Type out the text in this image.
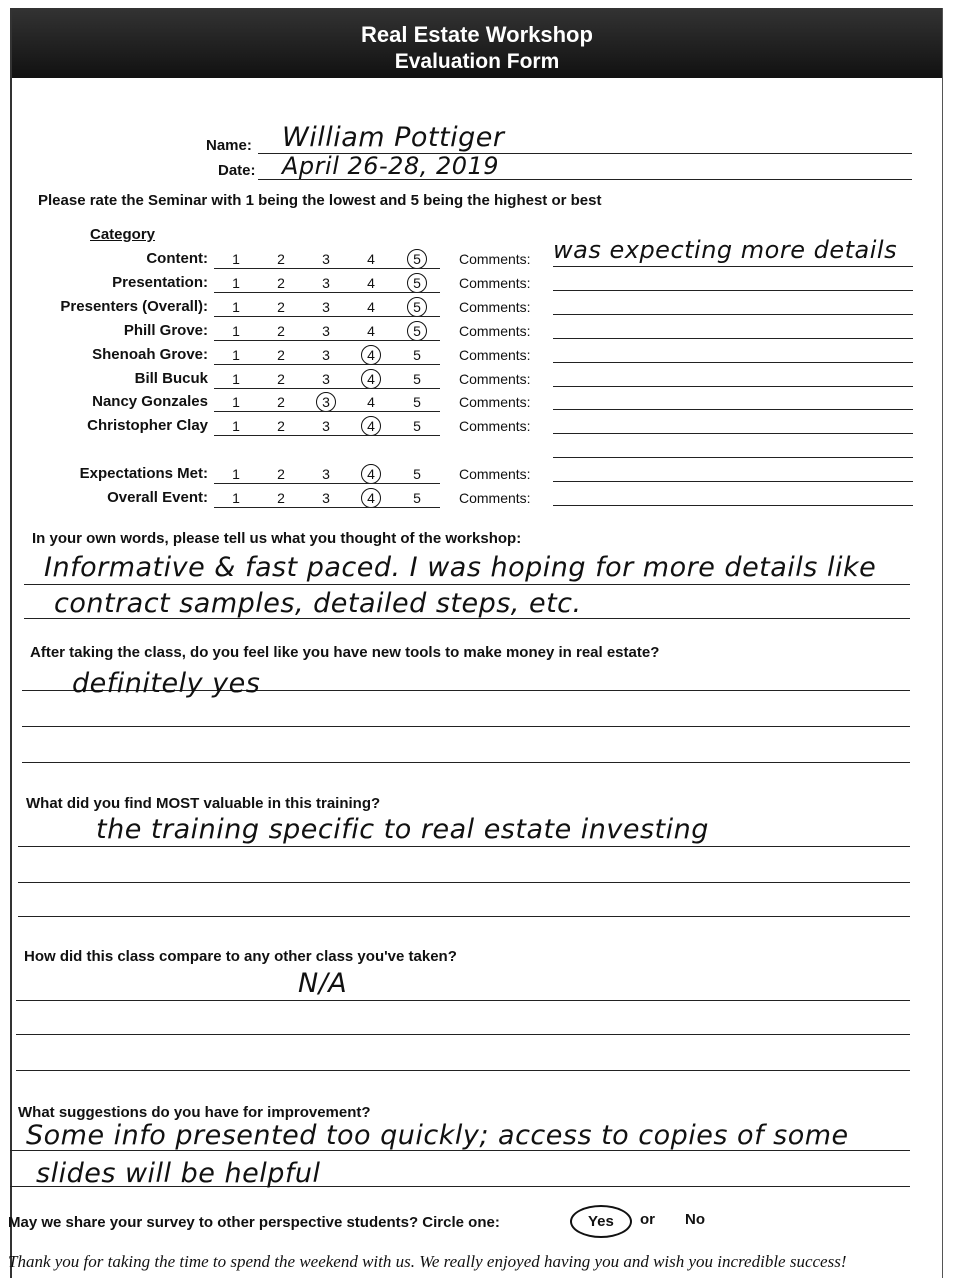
Real Estate Workshop
Evaluation Form
Name: William Pottiger
Date: April 26-28, 2019
Please rate the Seminar with 1 being the lowest and 5 being the highest or best
Category
Content: 1	2	3	4	5	Comments: was expecting more details
Presentation: 1	2	3	4	5	Comments:
Presenters (Overall): 1	2	3	4	5	Comments:
Phill Grove: 1	2	3	4	5	Comments:
Shenoah Grove: 1	2	3	4	5	Comments:
Bill Bucuk 1	2	3	4	5	Comments:
Nancy Gonzales 1	2	3	4	5	Comments:
Christopher Clay 1	2	3	4	5	Comments:
Expectations Met: 1	2	3	4	5	Comments:
Overall Event: 1	2	3	4	5	Comments:
In your own words, please tell us what you thought of the workshop:
Informative & fast paced. I was hoping for more details like
contract samples, detailed steps, etc.
After taking the class, do you feel like you have new tools to make money in real estate?
definitely yes
What did you find MOST valuable in this training?
the training specific to real estate investing
How did this class compare to any other class you've taken?
N/A
What suggestions do you have for improvement?
Some info presented too quickly; access to copies of some
slides will be helpful
May we share your survey to other perspective students? Circle one:	Yes	or No
Thank you for taking the time to spend the weekend with us. We really enjoyed having you and wish you incredible success!
